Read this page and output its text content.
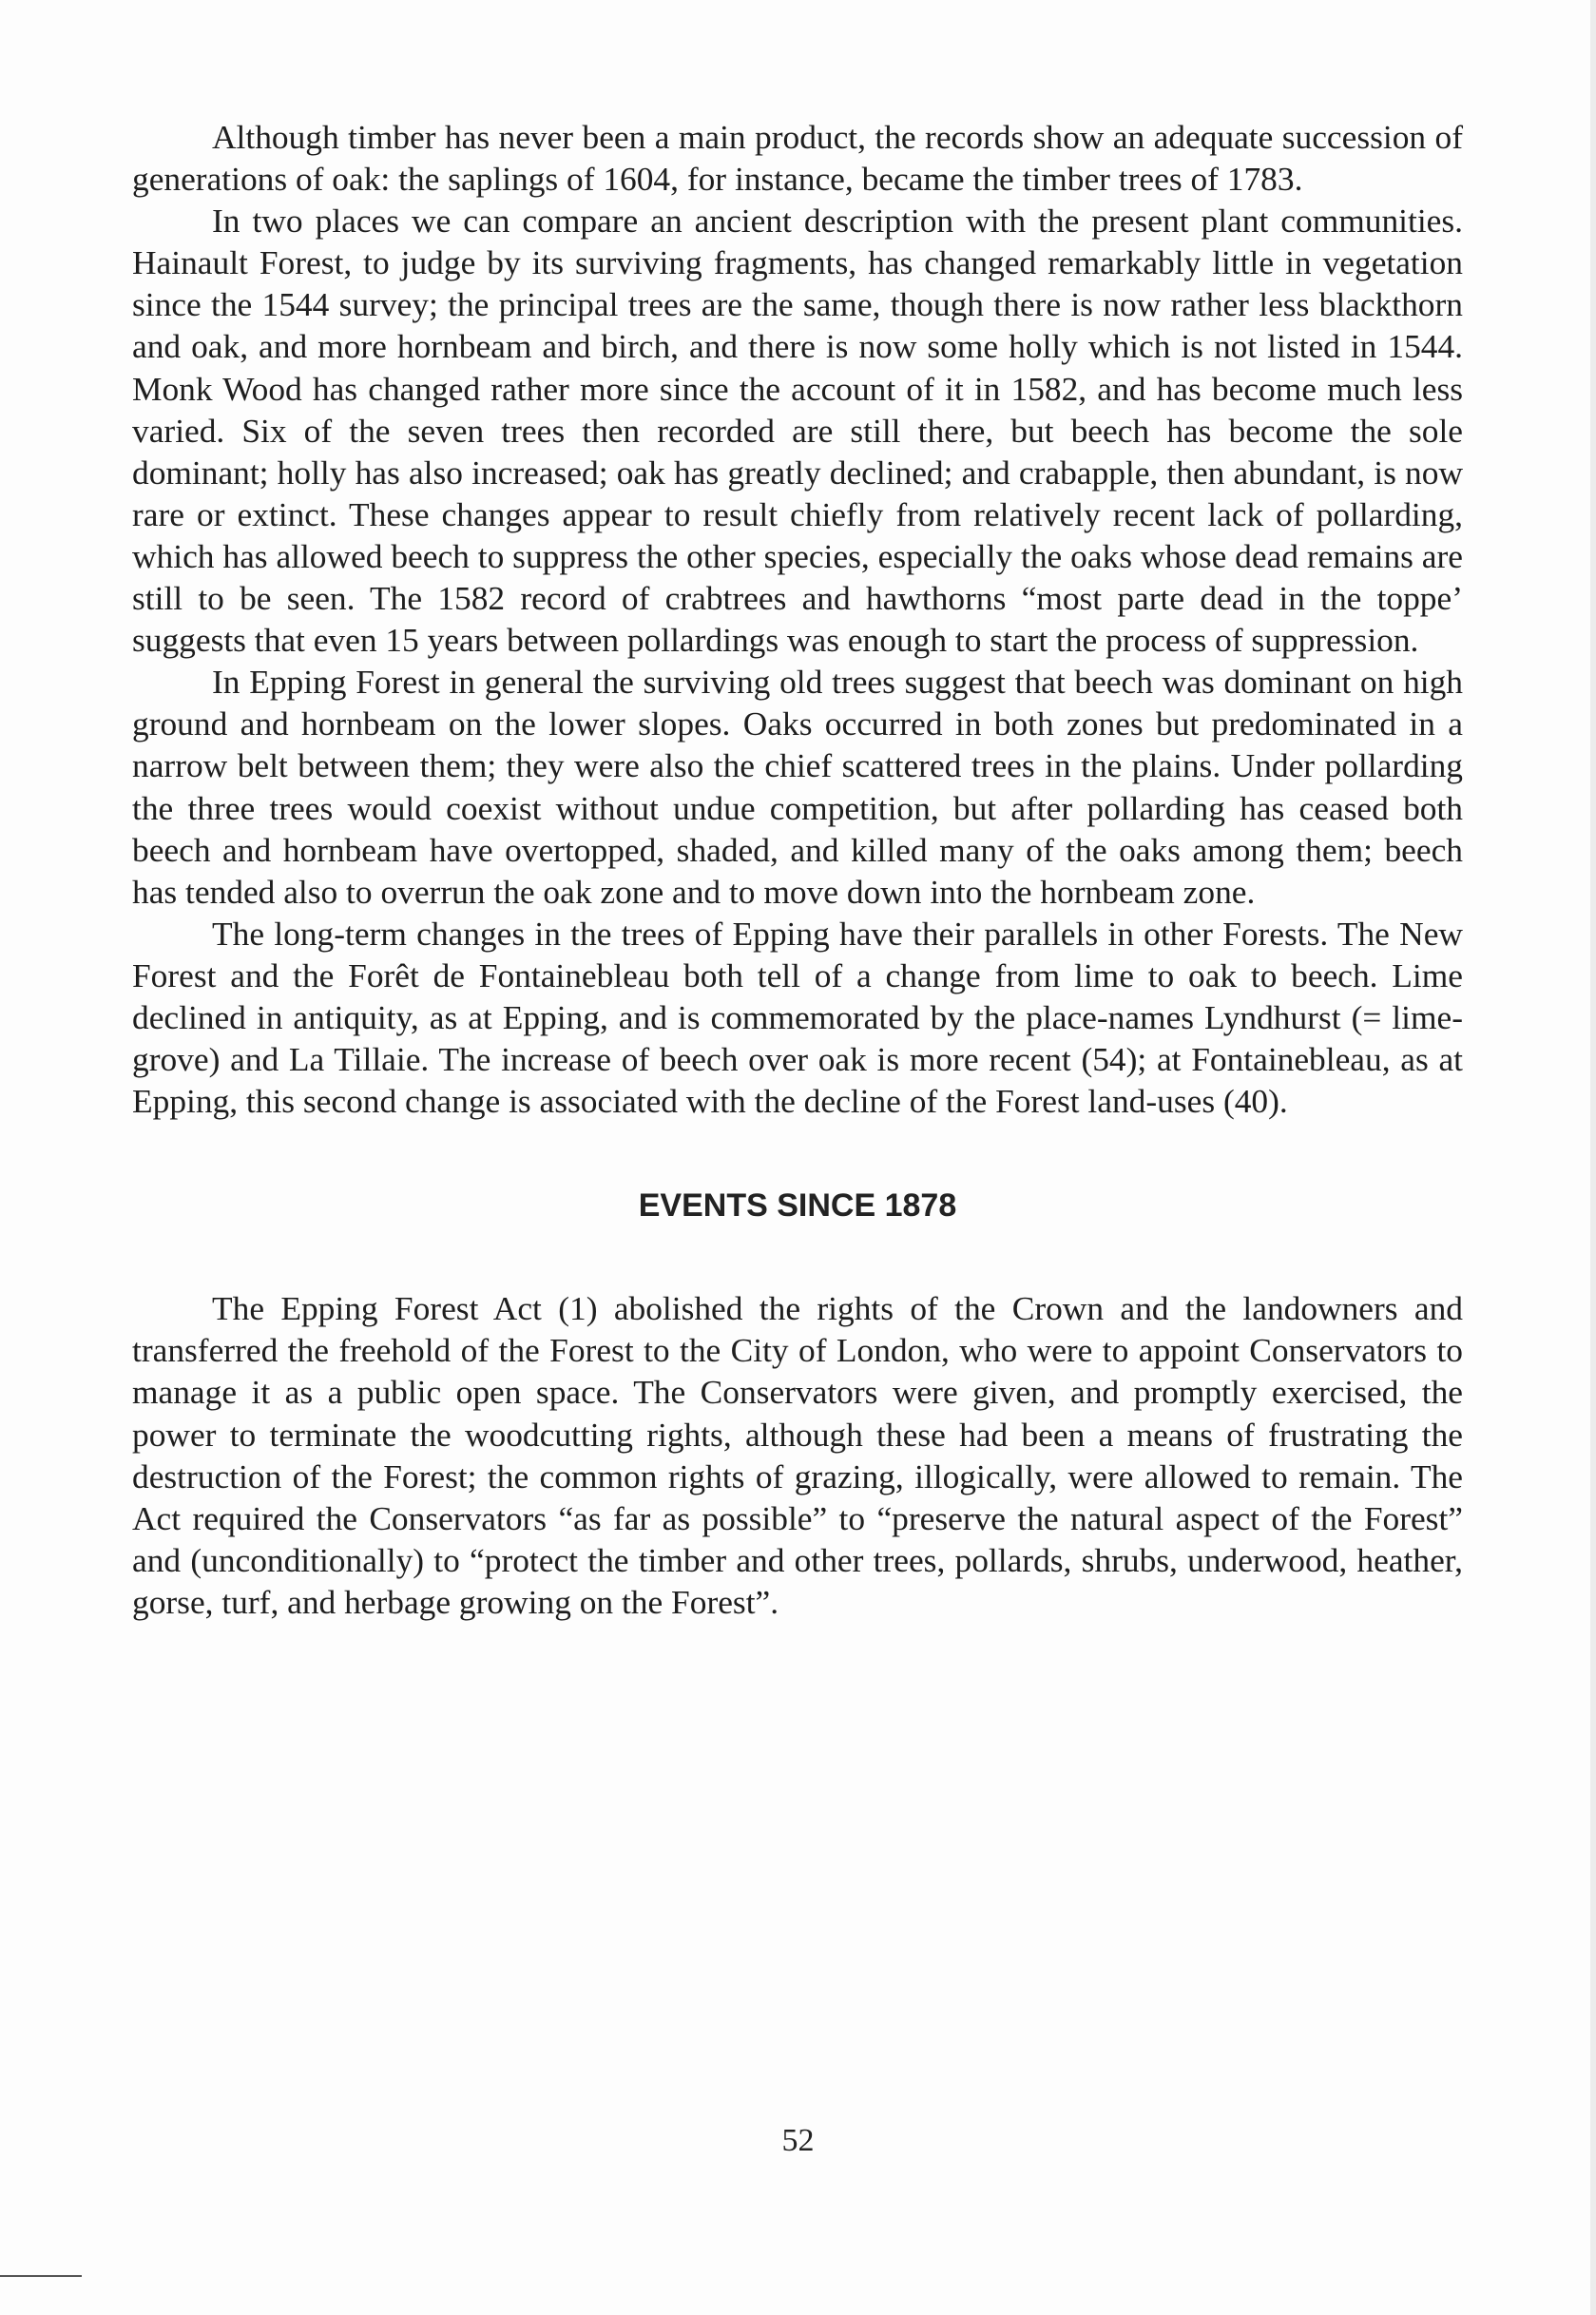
Although timber has never been a main product, the records show an adequate succession of generations of oak: the saplings of 1604, for instance, became the timber trees of 1783.

In two places we can compare an ancient description with the present plant communities. Hainault Forest, to judge by its surviving fragments, has changed remarkably little in vegetation since the 1544 survey; the principal trees are the same, though there is now rather less blackthorn and oak, and more hornbeam and birch, and there is now some holly which is not listed in 1544. Monk Wood has changed rather more since the account of it in 1582, and has become much less varied. Six of the seven trees then recorded are still there, but beech has become the sole dominant; holly has also increased; oak has greatly declined; and crabapple, then abundant, is now rare or extinct. These changes appear to result chiefly from relatively recent lack of pollarding, which has allowed beech to suppress the other species, especially the oaks whose dead remains are still to be seen. The 1582 record of crabtrees and hawthorns “most parte dead in the toppe’ suggests that even 15 years between pollardings was enough to start the process of suppression.

In Epping Forest in general the surviving old trees suggest that beech was dominant on high ground and hornbeam on the lower slopes. Oaks occurred in both zones but predominated in a narrow belt between them; they were also the chief scattered trees in the plains. Under pollarding the three trees would coexist without undue competition, but after pollarding has ceased both beech and hornbeam have overtopped, shaded, and killed many of the oaks among them; beech has tended also to overrun the oak zone and to move down into the hornbeam zone.

The long-term changes in the trees of Epping have their parallels in other Forests. The New Forest and the Forêt de Fontainebleau both tell of a change from lime to oak to beech. Lime declined in antiquity, as at Epping, and is commemorated by the place-names Lyndhurst (= lime-grove) and La Tillaie. The increase of beech over oak is more recent (54); at Fontainebleau, as at Epping, this second change is associated with the decline of the Forest land-uses (40).

EVENTS SINCE 1878

The Epping Forest Act (1) abolished the rights of the Crown and the landowners and transferred the freehold of the Forest to the City of London, who were to appoint Conservators to manage it as a public open space. The Conservators were given, and promptly exercised, the power to terminate the woodcutting rights, although these had been a means of frustrating the destruction of the Forest; the common rights of grazing, illogically, were allowed to remain. The Act required the Conservators “as far as possible” to “preserve the natural aspect of the Forest” and (unconditionally) to “protect the timber and other trees, pollards, shrubs, underwood, heather, gorse, turf, and herbage growing on the Forest”.

52
